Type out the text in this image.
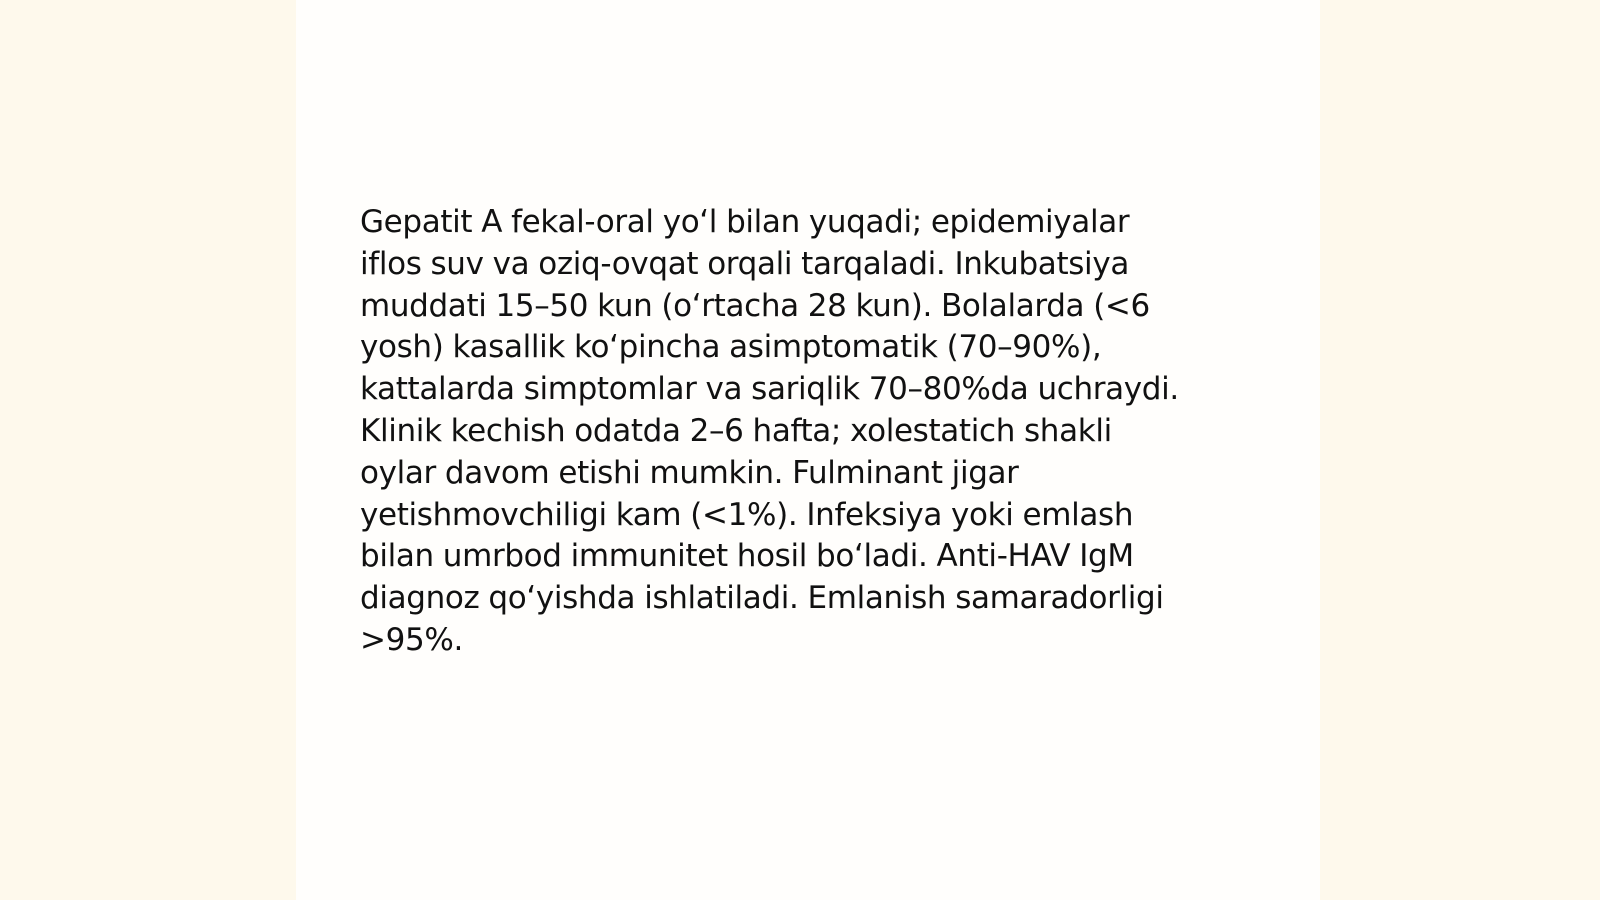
Gepatit A fekal-oral yoʻl bilan yuqadi; epidemiyalar
iflos suv va oziq-ovqat orqali tarqaladi. Inkubatsiya
muddati 15–50 kun (oʻrtacha 28 kun). Bolalarda (<6
yosh) kasallik koʻpincha asimptomatik (70–90%),
kattalarda simptomlar va sariqlik 70–80%da uchraydi.
Klinik kechish odatda 2–6 hafta; xolestatich shakli
oylar davom etishi mumkin. Fulminant jigar
yetishmovchiligi kam (<1%). Infeksiya yoki emlash
bilan umrbod immunitet hosil boʻladi. Anti-HAV IgM
diagnoz qoʻyishda ishlatiladi. Emlanish samaradorligi
>95%.
